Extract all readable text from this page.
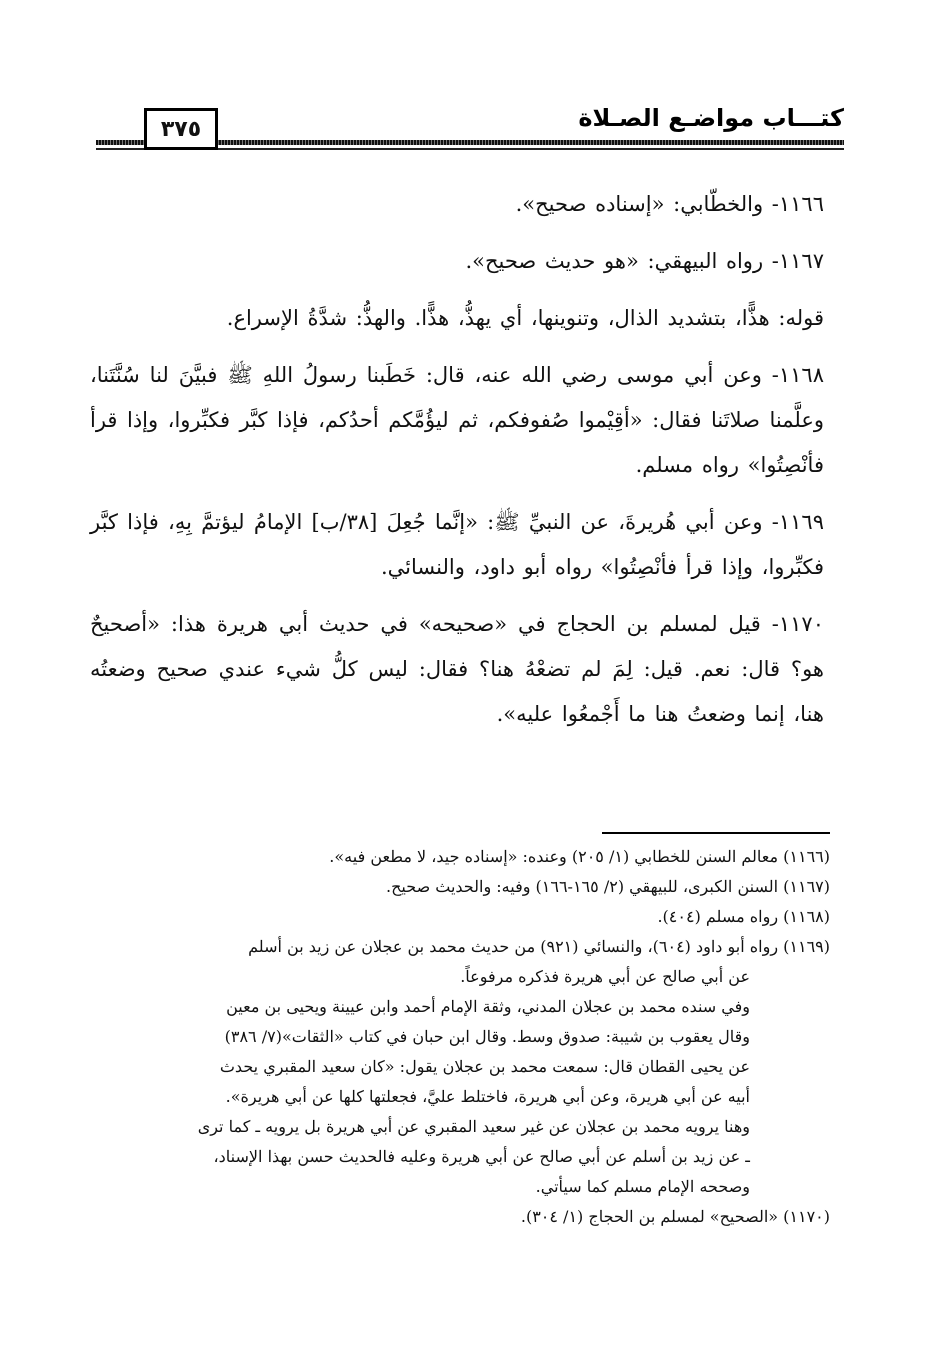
كتـــاب مواضـع الصـلاة
٣٧٥

١١٦٦- والخطّابي: «إسناده صحيح».

١١٦٧- رواه البيهقي: «هو حديث صحيح».

قوله: هذًّا، بتشديد الذال، وتنوينها، أي يهذُّ، هذًّا. والهذُّ: شدَّةُ الإسراع.

١١٦٨- وعن أبي موسى رضي الله عنه، قال: خَطَبنا رسولُ اللهِ ﷺ فبيَّنَ لنا سُنَّتَنا، وعلَّمنا صلاتَنا فقال: «أقِيْموا صُفوفكم، ثم ليؤُمَّكم أحدُكم، فإذا كبَّر فكبِّروا، وإذا قرأ فأنْصِتُوا» رواه مسلم.

١١٦٩- وعن أبي هُريرةَ، عن النبيِّ ﷺ: «إنَّما جُعِلَ [٣٨/ب] الإمامُ ليؤتمَّ بِهِ، فإذا كبَّر فكبِّروا، وإذا قرأ فأنْصِتُوا» رواه أبو داود، والنسائي.

١١٧٠- قيل لمسلم بن الحجاج في «صحيحه» في حديث أبي هريرة هذا: «أصحيحٌ هو؟ قال: نعم. قيل: لِمَ لم تضعْهُ هنا؟ فقال: ليس كلُّ شيء عندي صحيح وضعتُه هنا، إنما وضعتُ هنا ما أَجْمعُوا عليه».

(١١٦٦) معالم السنن للخطابي (١/ ٢٠٥) وعنده: «إسناده جيد، لا مطعن فيه».

(١١٦٧) السنن الكبرى، للبيهقي (٢/ ١٦٥-١٦٦) وفيه: والحديث صحيح.

(١١٦٨) رواه مسلم (٤٠٤).

(١١٦٩) رواه أبو داود (٦٠٤)، والنسائي (٩٢١) من حديث محمد بن عجلان عن زيد بن أسلم

عن أبي صالح عن أبي هريرة فذكره مرفوعاً.

وفي سنده محمد بن عجلان المدني، وثقة الإمام أحمد وابن عيينة ويحيى بن معين

وقال يعقوب بن شيبة: صدوق وسط. وقال ابن حبان في كتاب «الثقات»(٧/ ٣٨٦)

عن يحيى القطان قال: سمعت محمد بن عجلان يقول: «كان سعيد المقبري يحدث

أبيه عن أبي هريرة، وعن أبي هريرة، فاختلط عليَّ، فجعلتها كلها عن أبي هريرة».

وهنا يرويه محمد بن عجلان عن غير سعيد المقبري عن أبي هريرة بل يرويه ـ كما ترى

ـ عن زيد بن أسلم عن أبي صالح عن أبي هريرة وعليه فالحديث حسن بهذا الإسناد،

وصححه الإمام مسلم كما سيأتي.

(١١٧٠) «الصحيح» لمسلم بن الحجاج (١/ ٣٠٤).
